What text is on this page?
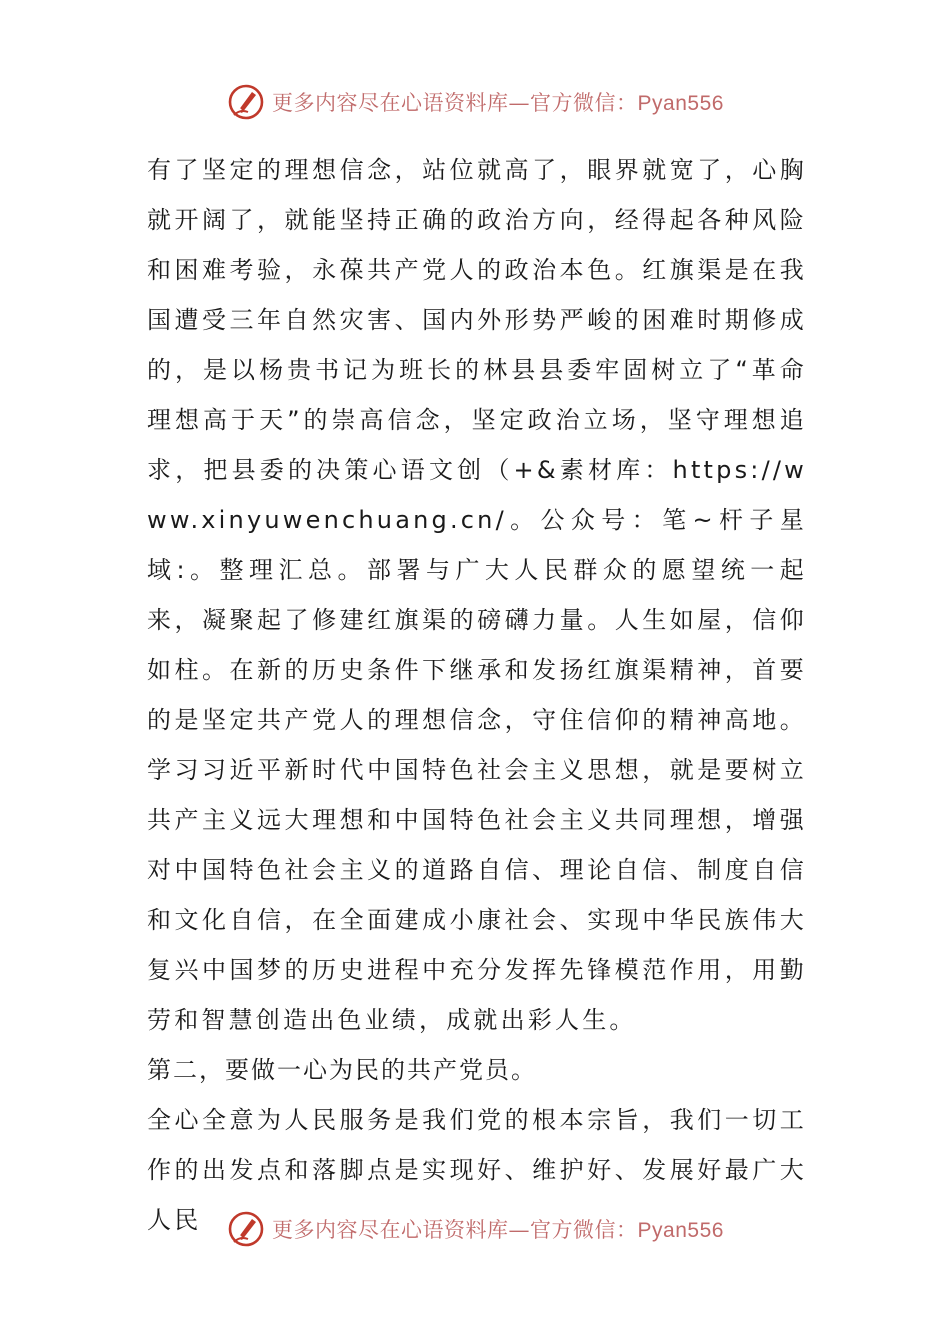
更多内容尽在心语资料库—官方微信：Pyan556

有了坚定的理想信念，站位就高了，眼界就宽了，心胸就开阔了，就能坚持正确的政治方向，经得起各种风险和困难考验，永葆共产党人的政治本色。红旗渠是在我国遭受三年自然灾害、国内外形势严峻的困难时期修成的，是以杨贵书记为班长的林县县委牢固树立了“革命理想高于天”的崇高信念，坚定政治立场，坚守理想追求，把县委的决策心语文创（+&素材库：https://www.xinyuwenchuang.cn/。公众号：笔~杆子星域:。整理汇总。部署与广大人民群众的愿望统一起来，凝聚起了修建红旗渠的磅礴力量。人生如屋，信仰如柱。在新的历史条件下继承和发扬红旗渠精神，首要的是坚定共产党人的理想信念，守住信仰的精神高地。学习习近平新时代中国特色社会主义思想，就是要树立共产主义远大理想和中国特色社会主义共同理想，增强对中国特色社会主义的道路自信、理论自信、制度自信和文化自信，在全面建成小康社会、实现中华民族伟大复兴中国梦的历史进程中充分发挥先锋模范作用，用勤劳和智慧创造出色业绩，成就出彩人生。

第二，要做一心为民的共产党员。

全心全意为人民服务是我们党的根本宗旨，我们一切工作的出发点和落脚点是实现好、维护好、发展好最广大人民	更多内容尽在心语资料库—官方微信：Pyan556
